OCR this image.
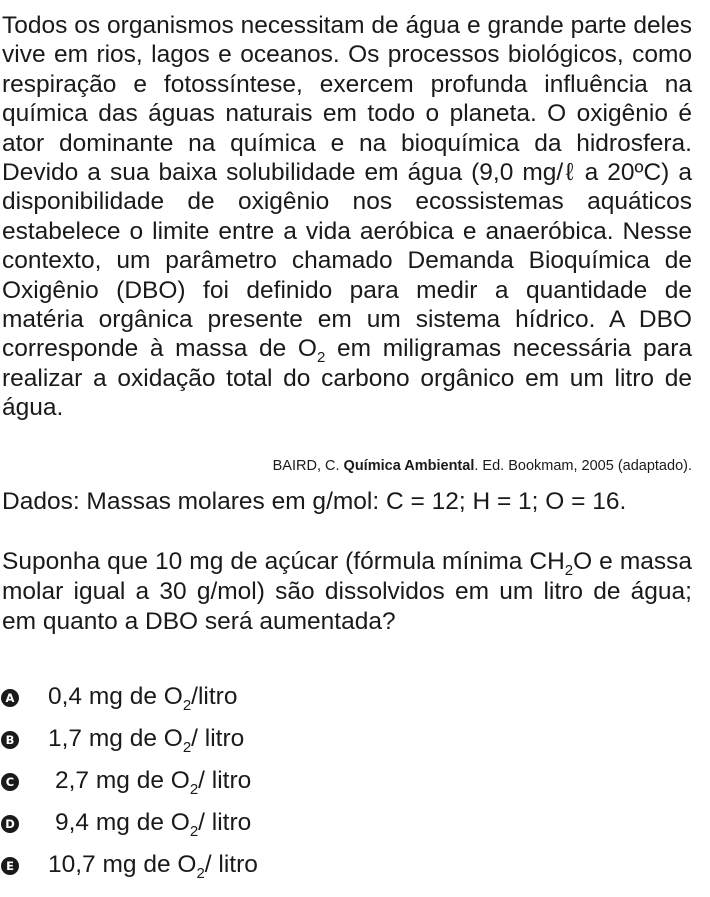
Todos os organismos necessitam de água e grande parte deles vive em rios, lagos e oceanos. Os processos biológicos, como respiração e fotossíntese, exercem profunda influência na química das águas naturais em todo o planeta. O oxigênio é ator dominante na química e na bioquímica da hidrosfera. Devido a sua baixa solubilidade em água (9,0 mg/ℓ a 20ºC) a disponibilidade de oxigênio nos ecossistemas aquáticos estabelece o limite entre a vida aeróbica e anaeróbica. Nesse contexto, um parâmetro chamado Demanda Bioquímica de Oxigênio (DBO) foi definido para medir a quantidade de matéria orgânica presente em um sistema hídrico. A DBO corresponde à massa de $O_2$ em miligramas necessária para realizar a oxidação total do carbono orgânico em um litro de água.

BAIRD, C. Química Ambiental. Ed. Bookmam, 2005 (adaptado).
Dados: Massas molares em g/mol: C = 12; H = 1; O = 16.

Suponha que 10 mg de açúcar (fórmula mínima $CH_2O$ e massa molar igual a 30 g/mol) são dissolvidos em um litro de água; em quanto a DBO será aumentada?

A 0,4 mg de $O_2$/litro
B 1,7 mg de $O_2/$ litro
C 2,7 mg de $O_2/$ litro
D 9,4 mg de $O_2/$ litro
E 10,7 mg de $O_2/$ litro
